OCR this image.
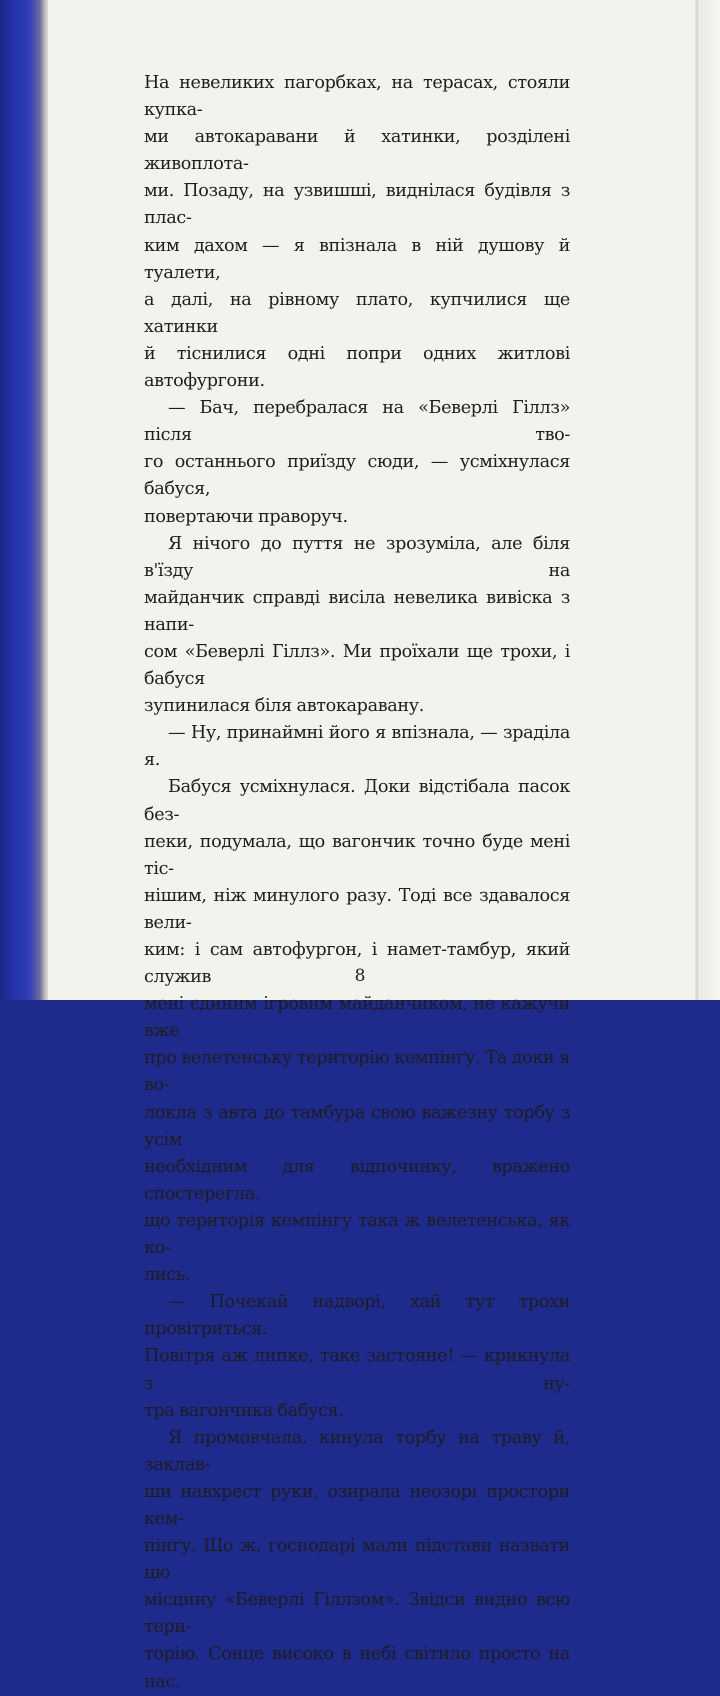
На невеликих пагорбках, на терасах, стояли купка-
ми автокаравани й хатинки, розділені живоплота-
ми. Позаду, на узвишші, виднілася будівля з плас-
ким дахом — я впізнала в ній душову й туалети,
а далі, на рівному плато, купчилися ще хатинки
й тіснилися одні попри одних житлові автофургони.

— Бач, перебралася на «Беверлі Гіллз» після тво-
го останнього приїзду сюди, — усміхнулася бабуся,
повертаючи праворуч.

Я нічого до пуття не зрозуміла, але біля в'їзду на
майданчик справді висіла невелика вивіска з напи-
сом «Беверлі Гіллз». Ми проїхали ще трохи, і бабуся
зупинилася біля автокаравану.

— Ну, принаймні його я впізнала, — зраділа я.

Бабуся усміхнулася. Доки відстібала пасок без-
пеки, подумала, що вагончик точно буде мені тіс-
нішим, ніж минулого разу. Тоді все здавалося вели-
ким: і сам автофургон, і намет-тамбур, який служив
мені єдиним ігровим майданчиком, не кажучи вже
про велетенську територію кемпінґу. Та доки я во-
локла з авта до тамбура свою важезну торбу з усім
необхідним для відпочинку, вражено спостерегла,
що територія кемпінґу така ж велетенська, як ко-
лись.

— Почекай надворі, хай тут трохи провітриться.
Повітря аж липке, таке застояне! — крикнула з ну-
тра вагончика бабуся.

Я промовчала, кинула торбу на траву й, заклав-
ши навхрест руки, озирала неозорі простори кем-
пінґу. Що ж, господарі мали підстави назвати цю
місцину «Беверлі Гіллзом». Звідси видно всю тери-
торію. Сонце високо в небі світило просто на нас.

8
